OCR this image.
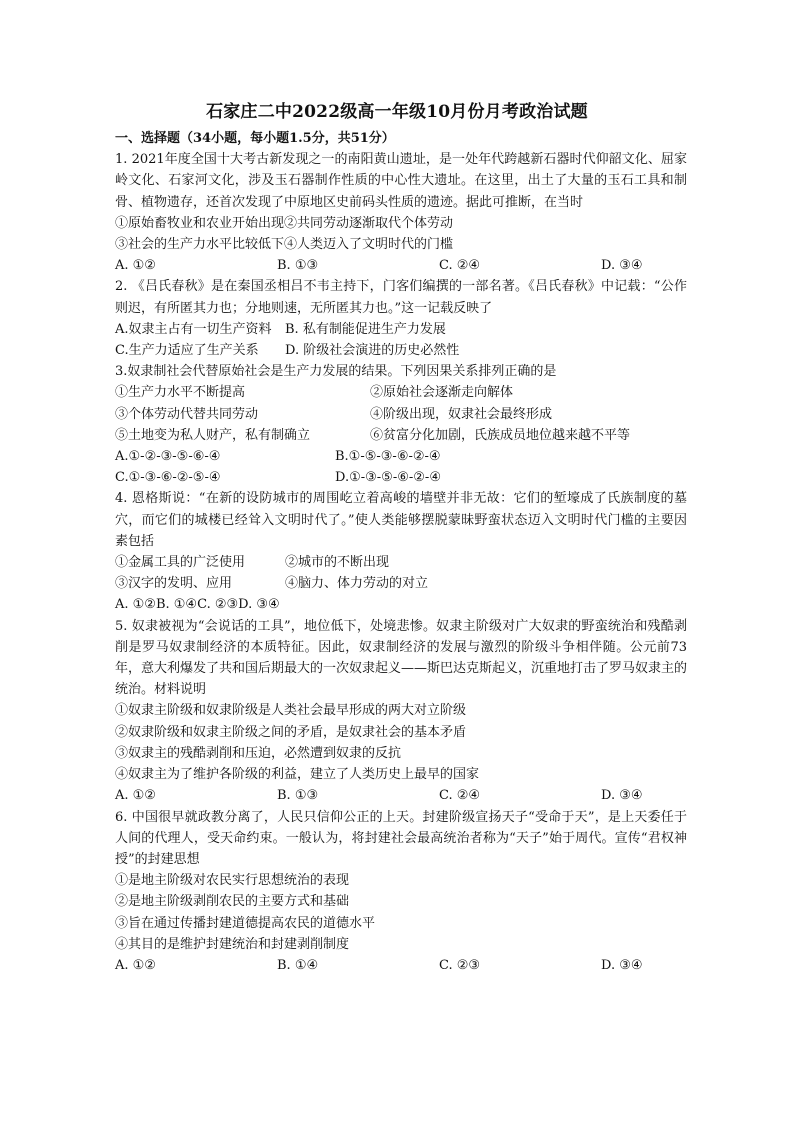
石家庄二中2022级高一年级10月份月考政治试题

一、选择题（34小题，每小题1.5分，共51分）

1. 2021年度全国十大考古新发现之一的南阳黄山遗址，是一处年代跨越新石器时代仰韶文化、屈家岭文化、石家河文化，涉及玉石器制作性质的中心性大遗址。在这里，出土了大量的玉石工具和制骨、植物遗存，还首次发现了中原地区史前码头性质的遗迹。据此可推断，在当时

①原始畜牧业和农业开始出现②共同劳动逐渐取代个体劳动

③社会的生产力水平比较低下④人类迈入了文明时代的门槛

A. ①②	B. ①③	C. ②④	D. ③④

2. 《吕氏春秋》是在秦国丞相吕不韦主持下，门客们编撰的一部名著。《吕氏春秋》中记载：“公作则迟，有所匿其力也；分地则速，无所匿其力也。”这一记载反映了

A.奴隶主占有一切生产资料	B. 私有制能促进生产力发展
C.生产力适应了生产关系	D. 阶级社会演进的历史必然性

3.奴隶制社会代替原始社会是生产力发展的结果。下列因果关系排列正确的是

①生产力水平不断提高	②原始社会逐渐走向解体
③个体劳动代替共同劳动	④阶级出现，奴隶社会最终形成
⑤土地变为私人财产，私有制确立	⑥贫富分化加剧，氏族成员地位越来越不平等
A.①-②-③-⑤-⑥-④	B.①-⑤-③-⑥-②-④
C.①-③-⑥-②-⑤-④	D.①-③-⑤-⑥-②-④

4. 恩格斯说：“在新的设防城市的周围屹立着高峻的墙壁并非无故：它们的堑壕成了氏族制度的墓穴，而它们的城楼已经耸入文明时代了。”使人类能够摆脱蒙昧野蛮状态迈入文明时代门槛的主要因素包括

①金属工具的广泛使用	②城市的不断出现
③汉字的发明、应用	④脑力、体力劳动的对立

A. ①②B. ①④C. ②③D. ③④

5. 奴隶被视为“会说话的工具”，地位低下，处境悲惨。奴隶主阶级对广大奴隶的野蛮统治和残酷剥削是罗马奴隶制经济的本质特征。因此，奴隶制经济的发展与激烈的阶级斗争相伴随。公元前73年，意大利爆发了共和国后期最大的一次奴隶起义——斯巴达克斯起义，沉重地打击了罗马奴隶主的统治。材料说明

①奴隶主阶级和奴隶阶级是人类社会最早形成的两大对立阶级

②奴隶阶级和奴隶主阶级之间的矛盾，是奴隶社会的基本矛盾

③奴隶主的残酷剥削和压迫，必然遭到奴隶的反抗

④奴隶主为了维护各阶级的利益，建立了人类历史上最早的国家

A. ①②	B. ①③	C. ②④	D. ③④

6. 中国很早就政教分离了，人民只信仰公正的上天。封建阶级宣扬天子“受命于天”，是上天委任于人间的代理人，受天命约束。一般认为，将封建社会最高统治者称为“天子”始于周代。宣传“君权神授”的封建思想

①是地主阶级对农民实行思想统治的表现

②是地主阶级剥削农民的主要方式和基础

③旨在通过传播封建道德提高农民的道德水平

④其目的是维护封建统治和封建剥削制度

A. ①②	B. ①④	C. ②③	D. ③④
